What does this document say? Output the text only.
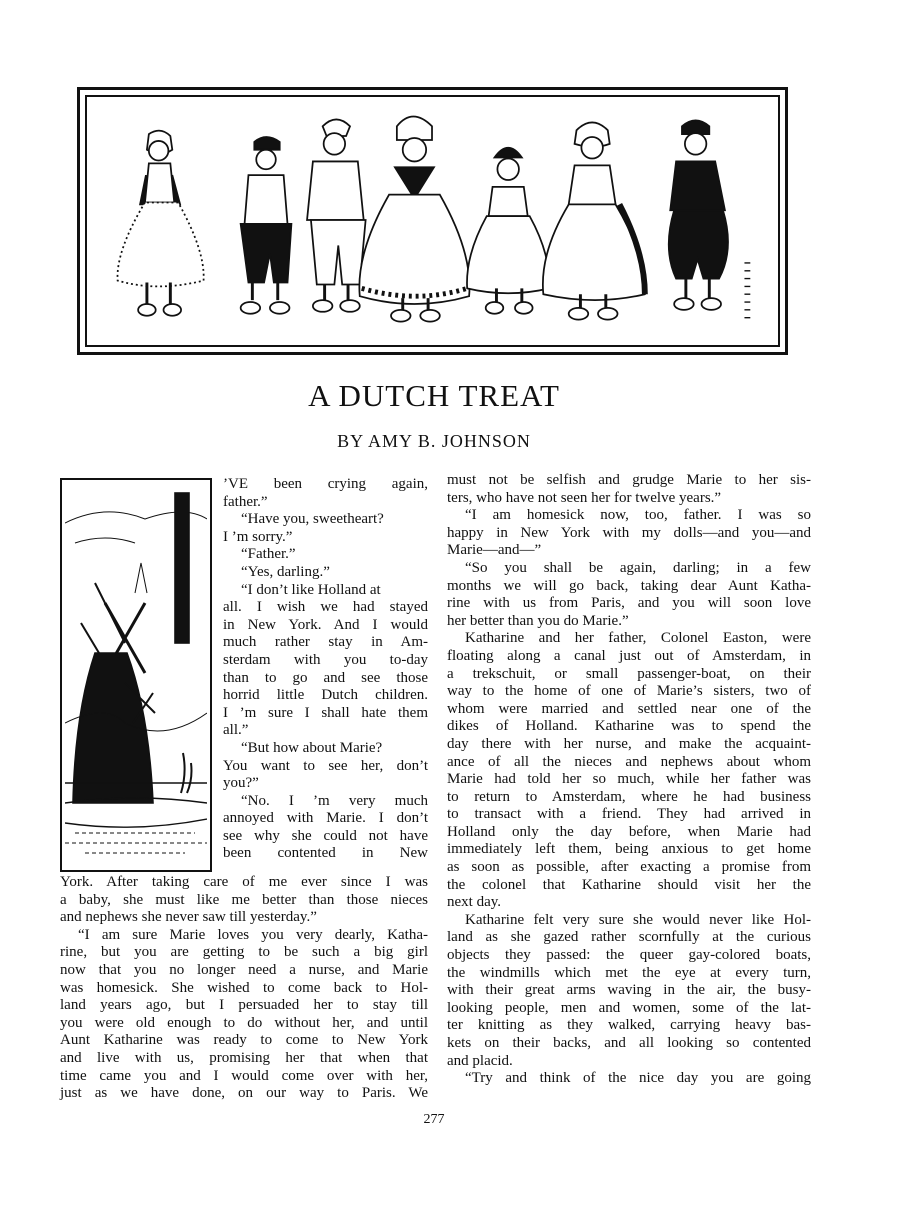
A DUTCH TREAT
BY AMY B. JOHNSON
’VE been crying again,
father.”
“Have you, sweetheart?
I ’m sorry.”
“Father.”
“Yes, darling.”
“I don’t like Holland at
all. I wish we had stayed
in New York. And I would
much rather stay in Am-
sterdam with you to-day
than to go and see those
horrid little Dutch children.
I ’m sure I shall hate them
all.”
“But how about Marie?
You want to see her, don’t
you?”
“No. I ’m very much
annoyed with Marie. I don’t
see why she could not have
been contented in New
York. After taking care of me ever since I was
a baby, she must like me better than those nieces
and nephews she never saw till yesterday.”
“I am sure Marie loves you very dearly, Katha-
rine, but you are getting to be such a big girl
now that you no longer need a nurse, and Marie
was homesick. She wished to come back to Hol-
land years ago, but I persuaded her to stay till
you were old enough to do without her, and until
Aunt Katharine was ready to come to New York
and live with us, promising her that when that
time came you and I would come over with her,
just as we have done, on our way to Paris. We
must not be selfish and grudge Marie to her sis-
ters, who have not seen her for twelve years.”
“I am homesick now, too, father. I was so
happy in New York with my dolls—and you—and
Marie—and—”
“So you shall be again, darling; in a few
months we will go back, taking dear Aunt Katha-
rine with us from Paris, and you will soon love
her better than you do Marie.”
Katharine and her father, Colonel Easton, were
floating along a canal just out of Amsterdam, in
a trekschuit, or small passenger-boat, on their
way to the home of one of Marie’s sisters, two of
whom were married and settled near one of the
dikes of Holland. Katharine was to spend the
day there with her nurse, and make the acquaint-
ance of all the nieces and nephews about whom
Marie had told her so much, while her father was
to return to Amsterdam, where he had business
to transact with a friend. They had arrived in
Holland only the day before, when Marie had
immediately left them, being anxious to get home
as soon as possible, after exacting a promise from
the colonel that Katharine should visit her the
next day.
Katharine felt very sure she would never like Hol-
land as she gazed rather scornfully at the curious
objects they passed: the queer gay-colored boats,
the windmills which met the eye at every turn,
with their great arms waving in the air, the busy-
looking people, men and women, some of the lat-
ter knitting as they walked, carrying heavy bas-
kets on their backs, and all looking so contented
and placid.
“Try and think of the nice day you are going
277
